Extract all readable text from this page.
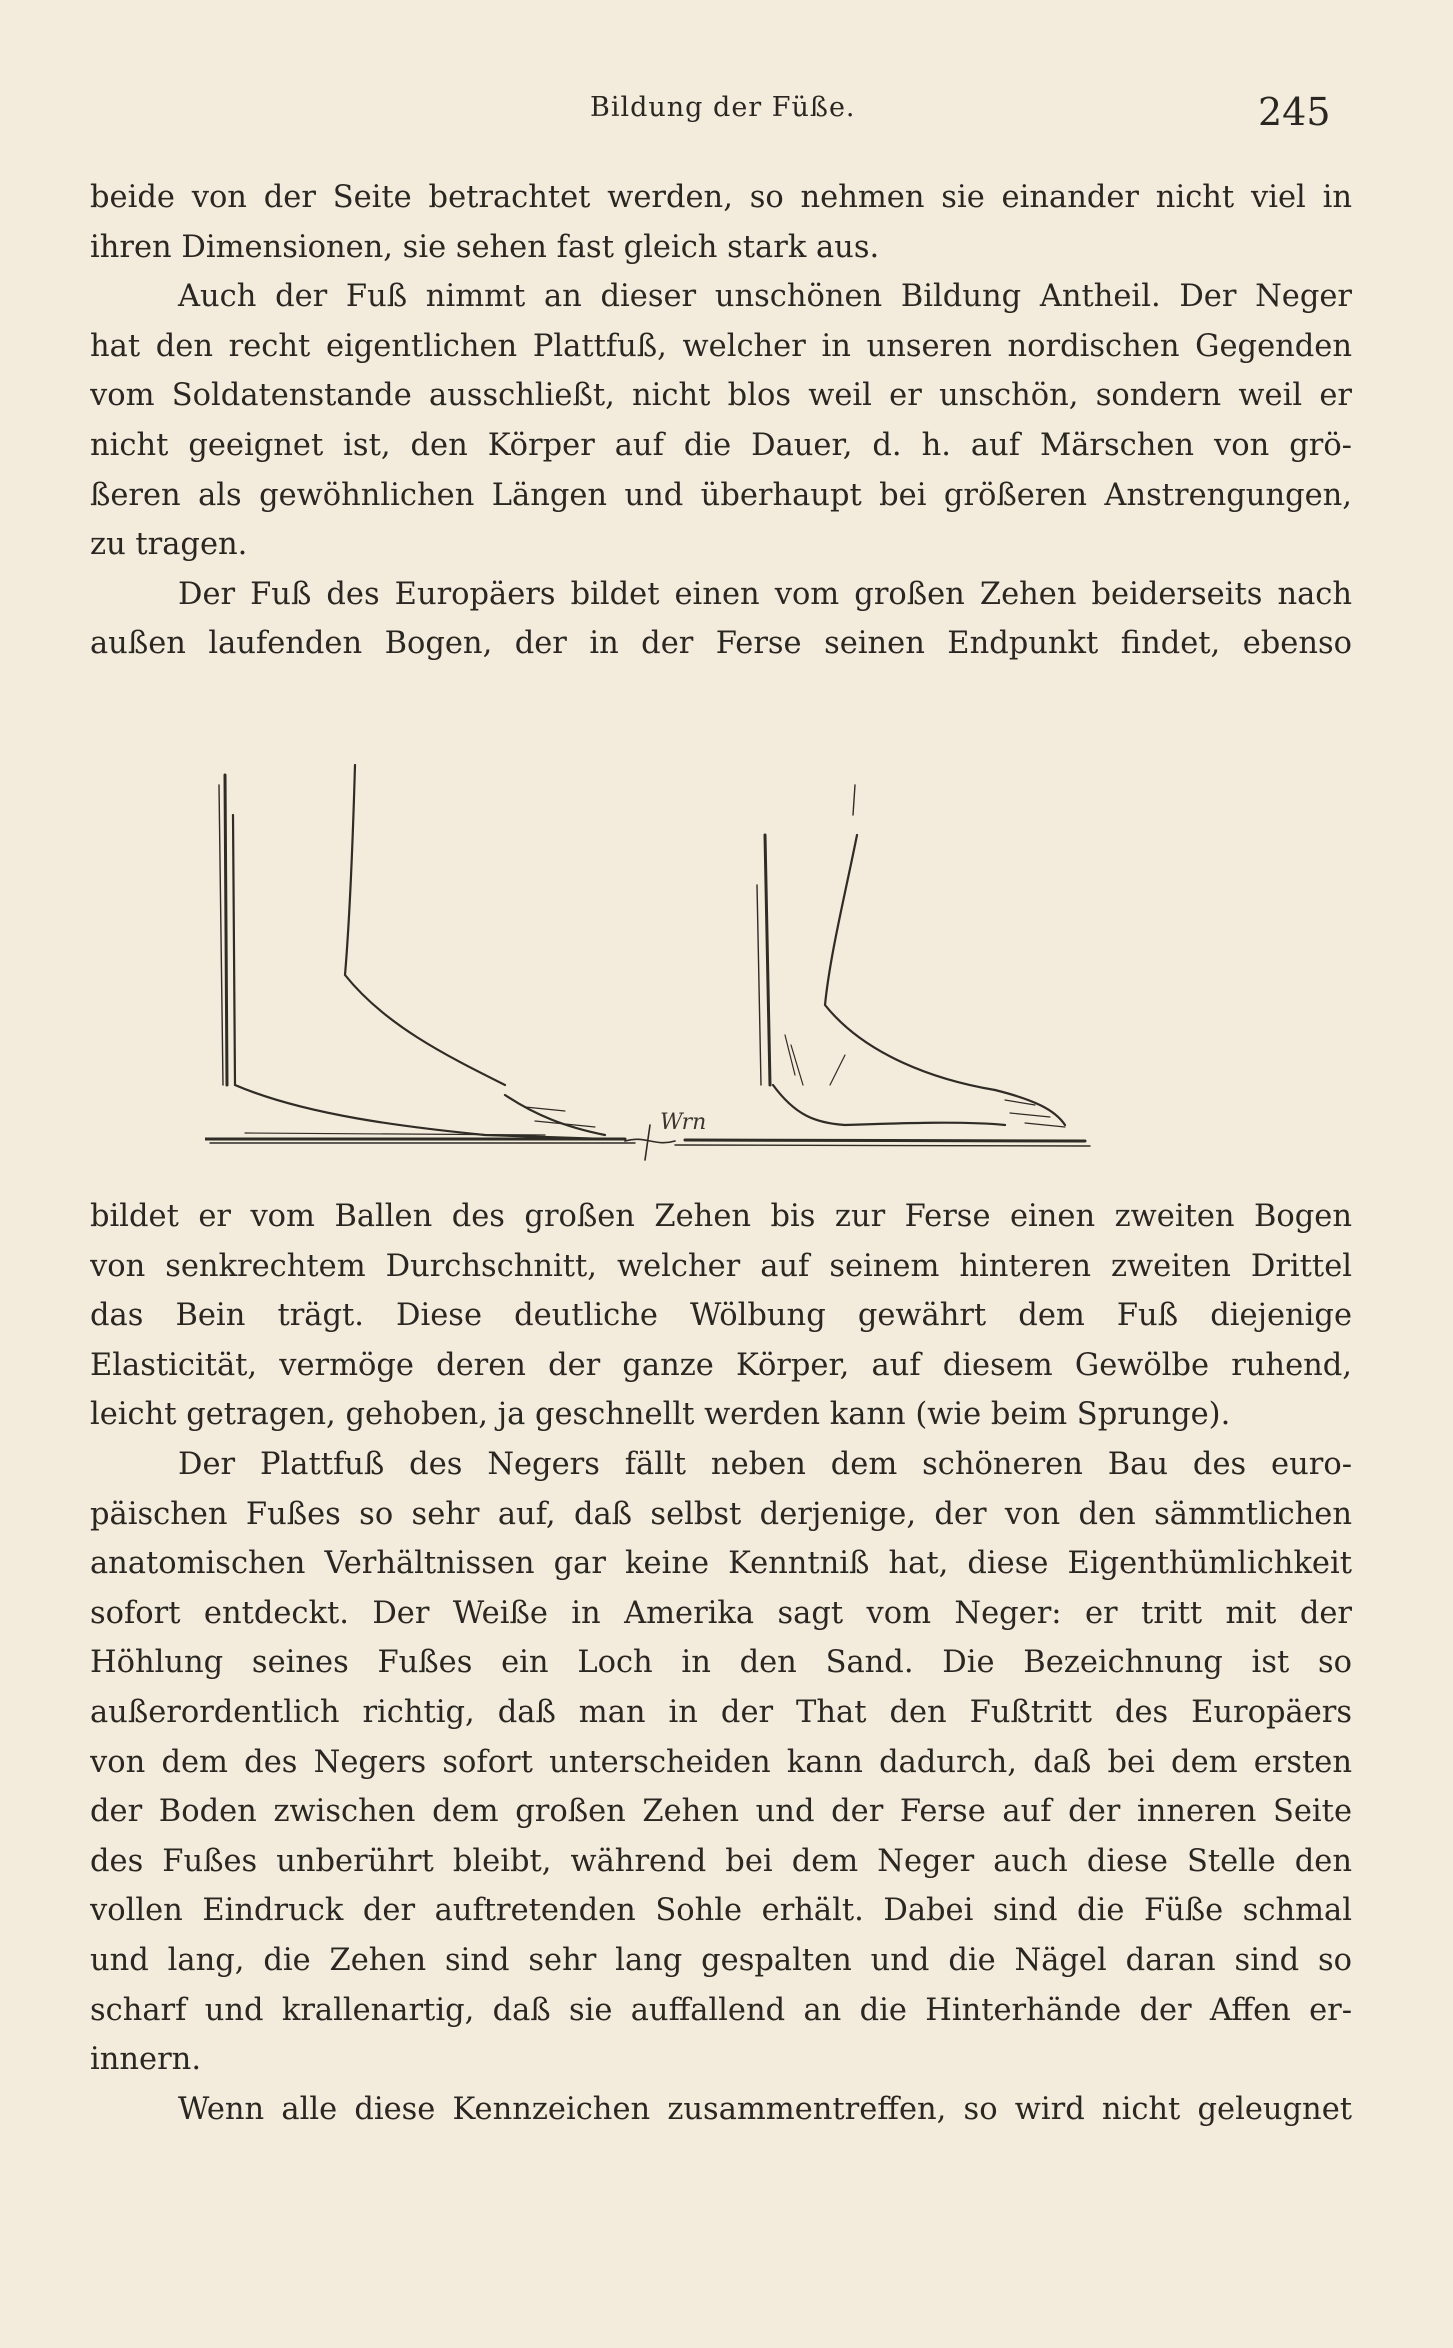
Bildung der Füße.	245
beide von der Seite betrachtet werden, so nehmen sie einander nicht viel in
ihren Dimensionen, sie sehen fast gleich stark aus.
Auch der Fuß nimmt an dieser unschönen Bildung Antheil. Der Neger
hat den recht eigentlichen Plattfuß, welcher in unseren nordischen Gegenden
vom Soldatenstande ausschließt, nicht blos weil er unschön, sondern weil er
nicht geeignet ist, den Körper auf die Dauer, d. h. auf Märschen von grö-
ßeren als gewöhnlichen Längen und überhaupt bei größeren Anstrengungen,
zu tragen.
Der Fuß des Europäers bildet einen vom großen Zehen beiderseits nach
außen laufenden Bogen, der in der Ferse seinen Endpunkt findet, ebenso
Wrn
bildet er vom Ballen des großen Zehen bis zur Ferse einen zweiten Bogen
von senkrechtem Durchschnitt, welcher auf seinem hinteren zweiten Drittel
das Bein trägt. Diese deutliche Wölbung gewährt dem Fuß diejenige
Elasticität, vermöge deren der ganze Körper, auf diesem Gewölbe ruhend,
leicht getragen, gehoben, ja geschnellt werden kann (wie beim Sprunge).
Der Plattfuß des Negers fällt neben dem schöneren Bau des euro-
päischen Fußes so sehr auf, daß selbst derjenige, der von den sämmtlichen
anatomischen Verhältnissen gar keine Kenntniß hat, diese Eigenthümlichkeit
sofort entdeckt. Der Weiße in Amerika sagt vom Neger: er tritt mit der
Höhlung seines Fußes ein Loch in den Sand. Die Bezeichnung ist so
außerordentlich richtig, daß man in der That den Fußtritt des Europäers
von dem des Negers sofort unterscheiden kann dadurch, daß bei dem ersten
der Boden zwischen dem großen Zehen und der Ferse auf der inneren Seite
des Fußes unberührt bleibt, während bei dem Neger auch diese Stelle den
vollen Eindruck der auftretenden Sohle erhält. Dabei sind die Füße schmal
und lang, die Zehen sind sehr lang gespalten und die Nägel daran sind so
scharf und krallenartig, daß sie auffallend an die Hinterhände der Affen er-
innern.
Wenn alle diese Kennzeichen zusammentreffen, so wird nicht geleugnet
